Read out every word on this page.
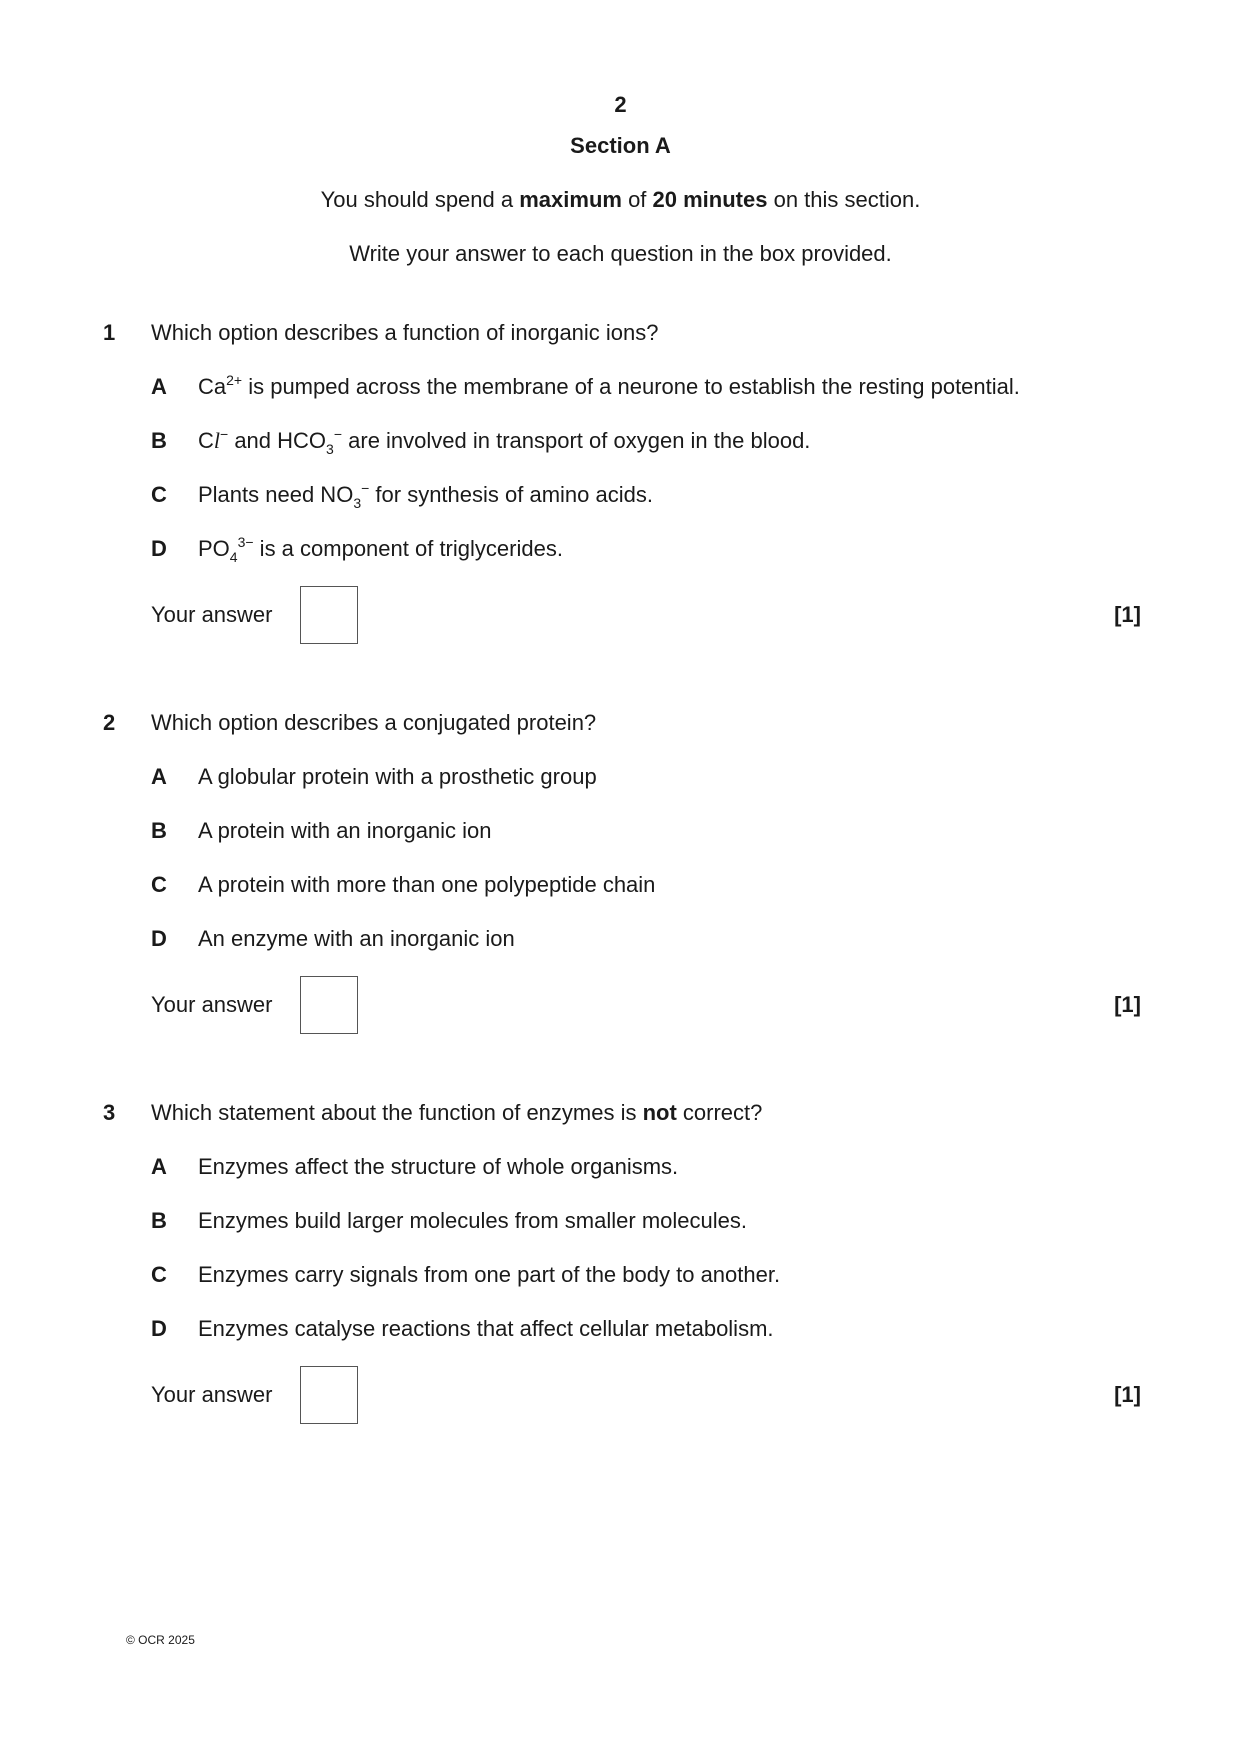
2
Section A
You should spend a maximum of 20 minutes on this section.
Write your answer to each question in the box provided.
1 Which option describes a function of inorganic ions?
A $Ca^{2+}$ is pumped across the membrane of a neurone to establish the resting potential.
B Cl− and $HCO_3^-$ are involved in transport of oxygen in the blood.
C Plants need $NO_3^-$ for synthesis of amino acids.
D $PO_4^{3-}$ is a component of triglycerides.
Your answer	[1]
2 Which option describes a conjugated protein?
A A globular protein with a prosthetic group
B A protein with an inorganic ion
C A protein with more than one polypeptide chain
D An enzyme with an inorganic ion
Your answer	[1]
3 Which statement about the function of enzymes is not correct?
A Enzymes affect the structure of whole organisms.
B Enzymes build larger molecules from smaller molecules.
C Enzymes carry signals from one part of the body to another.
D Enzymes catalyse reactions that affect cellular metabolism.
Your answer	[1]
© OCR 2025
